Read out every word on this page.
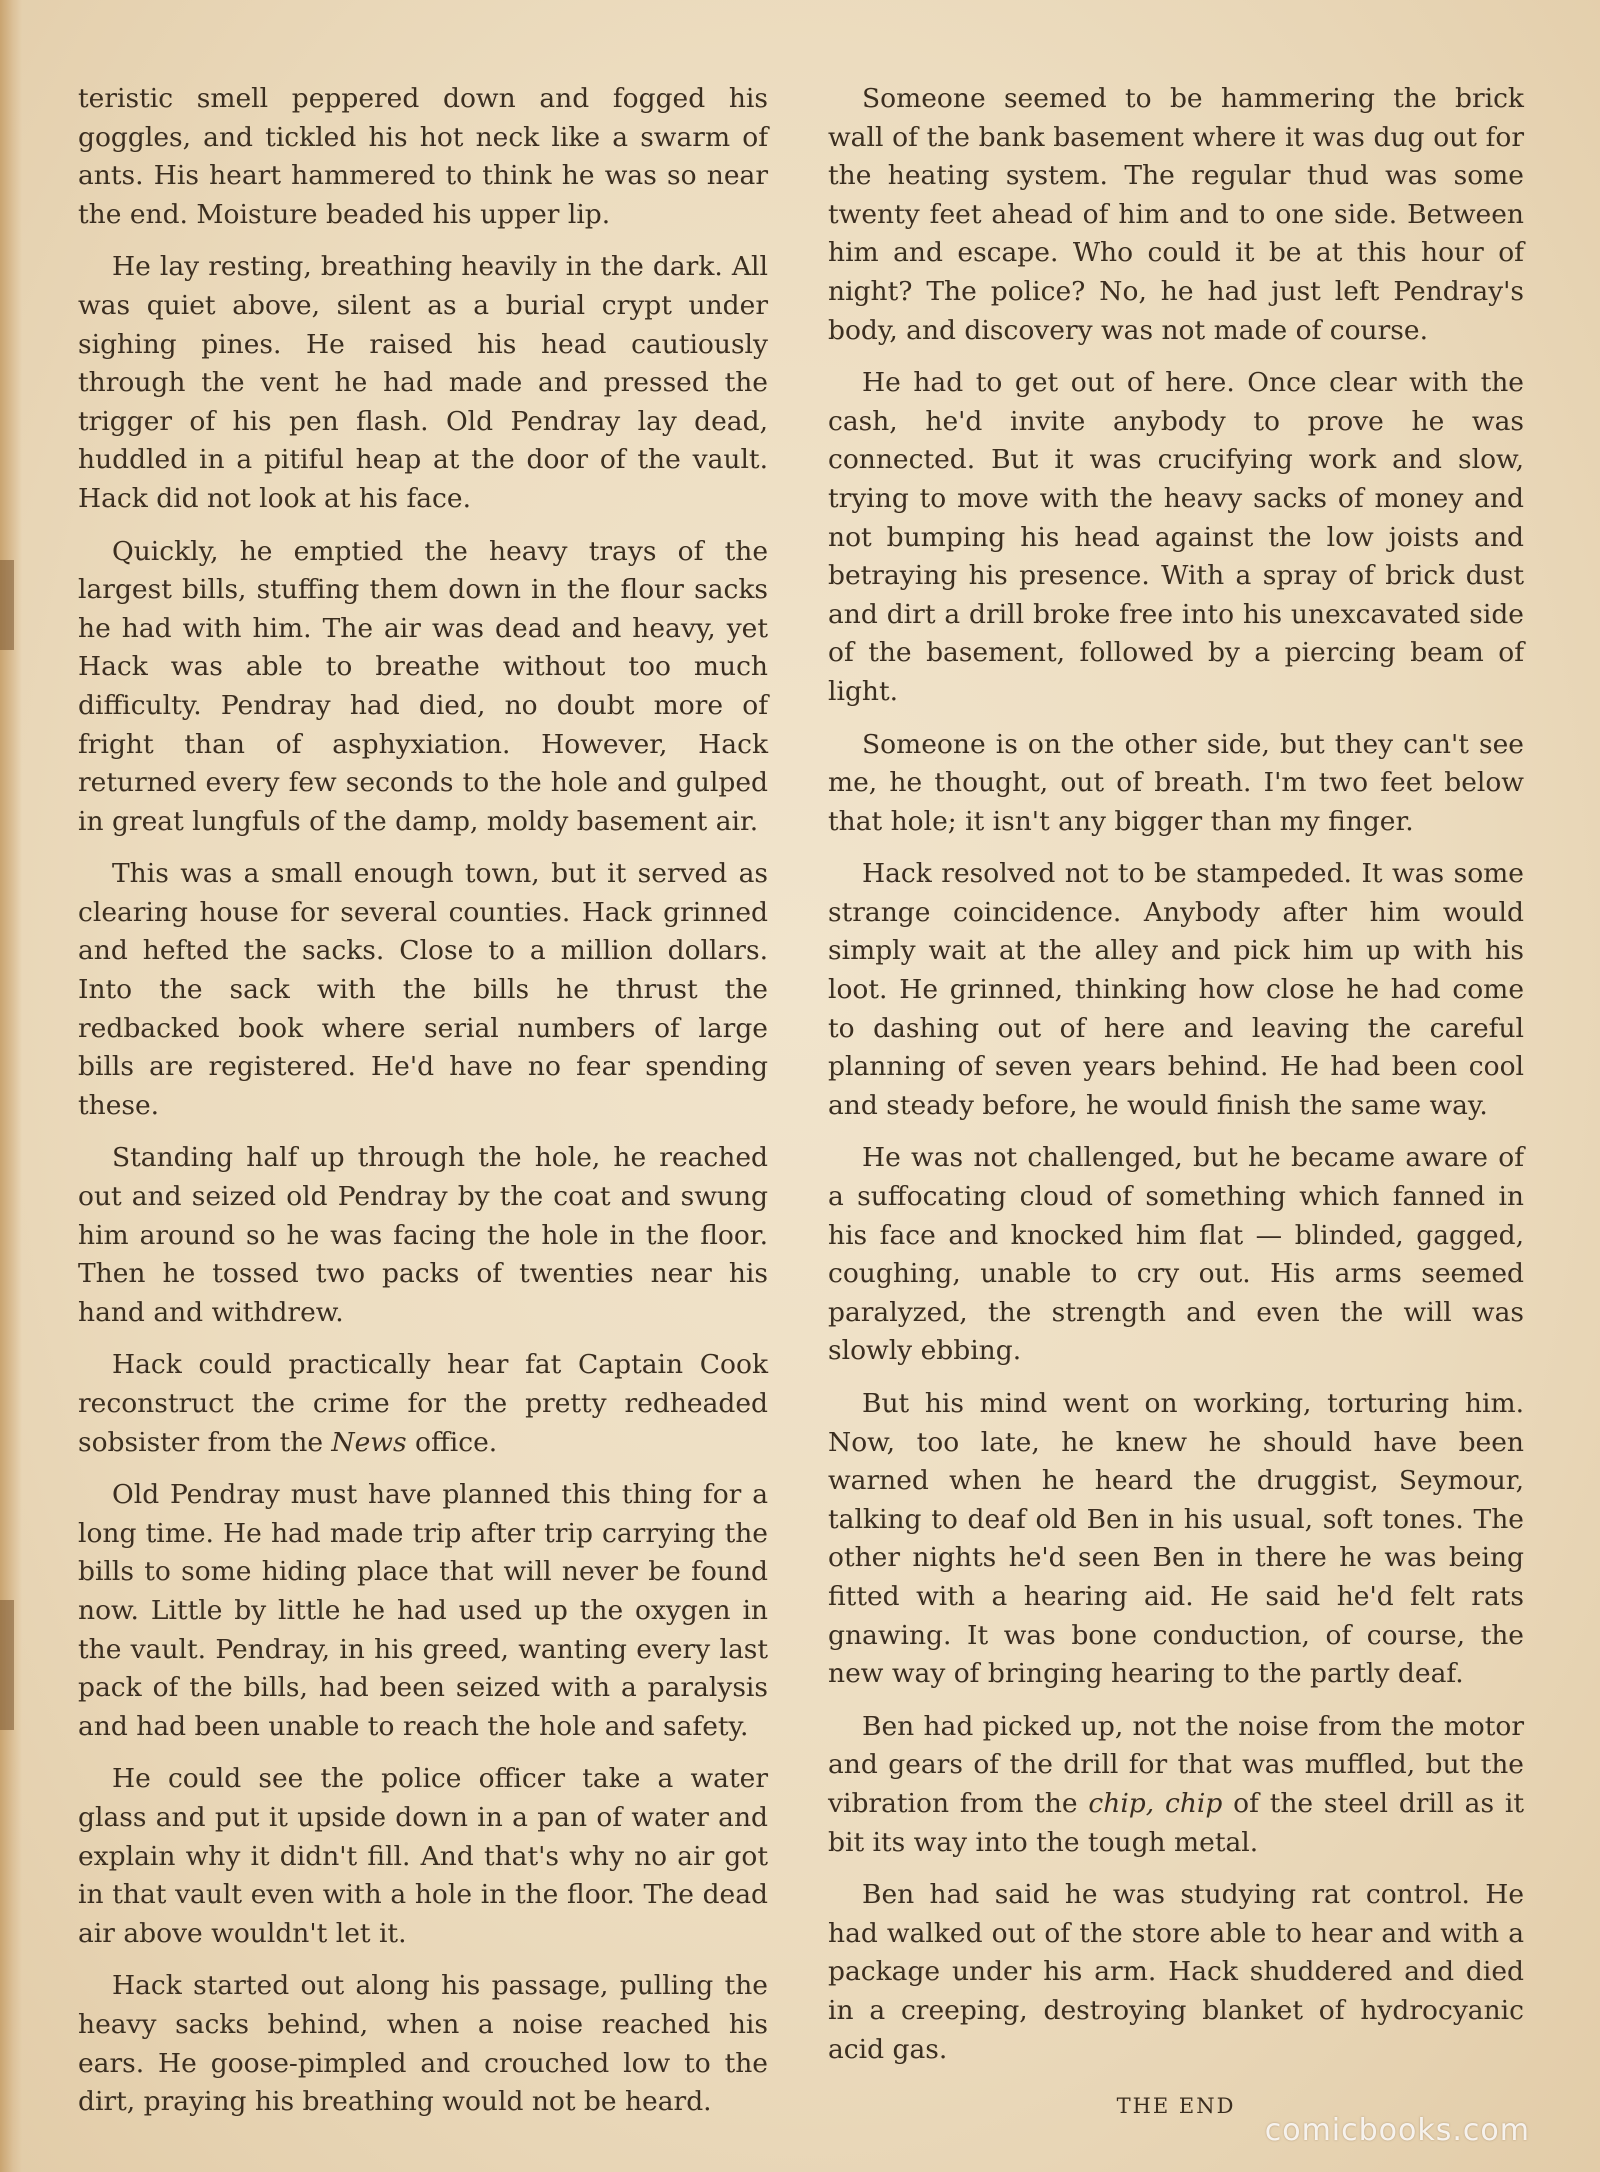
teristic smell peppered down and fogged his goggles, and tickled his hot neck like a swarm of ants. His heart hammered to think he was so near the end. Moisture beaded his upper lip.

He lay resting, breathing heavily in the dark. All was quiet above, silent as a burial crypt under sighing pines. He raised his head cautiously through the vent he had made and pressed the trigger of his pen flash. Old Pendray lay dead, huddled in a pitiful heap at the door of the vault. Hack did not look at his face.

Quickly, he emptied the heavy trays of the largest bills, stuffing them down in the flour sacks he had with him. The air was dead and heavy, yet Hack was able to breathe without too much difficulty. Pendray had died, no doubt more of fright than of asphyxiation. However, Hack returned every few seconds to the hole and gulped in great lungfuls of the damp, moldy basement air.

This was a small enough town, but it served as clearing house for several counties. Hack grinned and hefted the sacks. Close to a million dollars. Into the sack with the bills he thrust the redbacked book where serial numbers of large bills are registered. He'd have no fear spending these.

Standing half up through the hole, he reached out and seized old Pendray by the coat and swung him around so he was facing the hole in the floor. Then he tossed two packs of twenties near his hand and withdrew.

Hack could practically hear fat Captain Cook reconstruct the crime for the pretty redheaded sobsister from the News office.

Old Pendray must have planned this thing for a long time. He had made trip after trip carrying the bills to some hiding place that will never be found now. Little by little he had used up the oxygen in the vault. Pendray, in his greed, wanting every last pack of the bills, had been seized with a paralysis and had been unable to reach the hole and safety.

He could see the police officer take a water glass and put it upside down in a pan of water and explain why it didn't fill. And that's why no air got in that vault even with a hole in the floor. The dead air above wouldn't let it.

Hack started out along his passage, pulling the heavy sacks behind, when a noise reached his ears. He goose-pimpled and crouched low to the dirt, praying his breathing would not be heard.

Someone seemed to be hammering the brick wall of the bank basement where it was dug out for the heating system. The regular thud was some twenty feet ahead of him and to one side. Between him and escape. Who could it be at this hour of night? The police? No, he had just left Pendray's body, and discovery was not made of course.

He had to get out of here. Once clear with the cash, he'd invite anybody to prove he was connected. But it was crucifying work and slow, trying to move with the heavy sacks of money and not bumping his head against the low joists and betraying his presence. With a spray of brick dust and dirt a drill broke free into his unexcavated side of the basement, followed by a piercing beam of light.

Someone is on the other side, but they can't see me, he thought, out of breath. I'm two feet below that hole; it isn't any bigger than my finger.

Hack resolved not to be stampeded. It was some strange coincidence. Anybody after him would simply wait at the alley and pick him up with his loot. He grinned, thinking how close he had come to dashing out of here and leaving the careful planning of seven years behind. He had been cool and steady before, he would finish the same way.

He was not challenged, but he became aware of a suffocating cloud of something which fanned in his face and knocked him flat — blinded, gagged, coughing, unable to cry out. His arms seemed paralyzed, the strength and even the will was slowly ebbing.

But his mind went on working, torturing him. Now, too late, he knew he should have been warned when he heard the druggist, Seymour, talking to deaf old Ben in his usual, soft tones. The other nights he'd seen Ben in there he was being fitted with a hearing aid. He said he'd felt rats gnawing. It was bone conduction, of course, the new way of bringing hearing to the partly deaf.

Ben had picked up, not the noise from the motor and gears of the drill for that was muffled, but the vibration from the chip, chip of the steel drill as it bit its way into the tough metal.

Ben had said he was studying rat control. He had walked out of the store able to hear and with a package under his arm. Hack shuddered and died in a creeping, destroying blanket of hydrocyanic acid gas.

THE END
comicbooks.com
